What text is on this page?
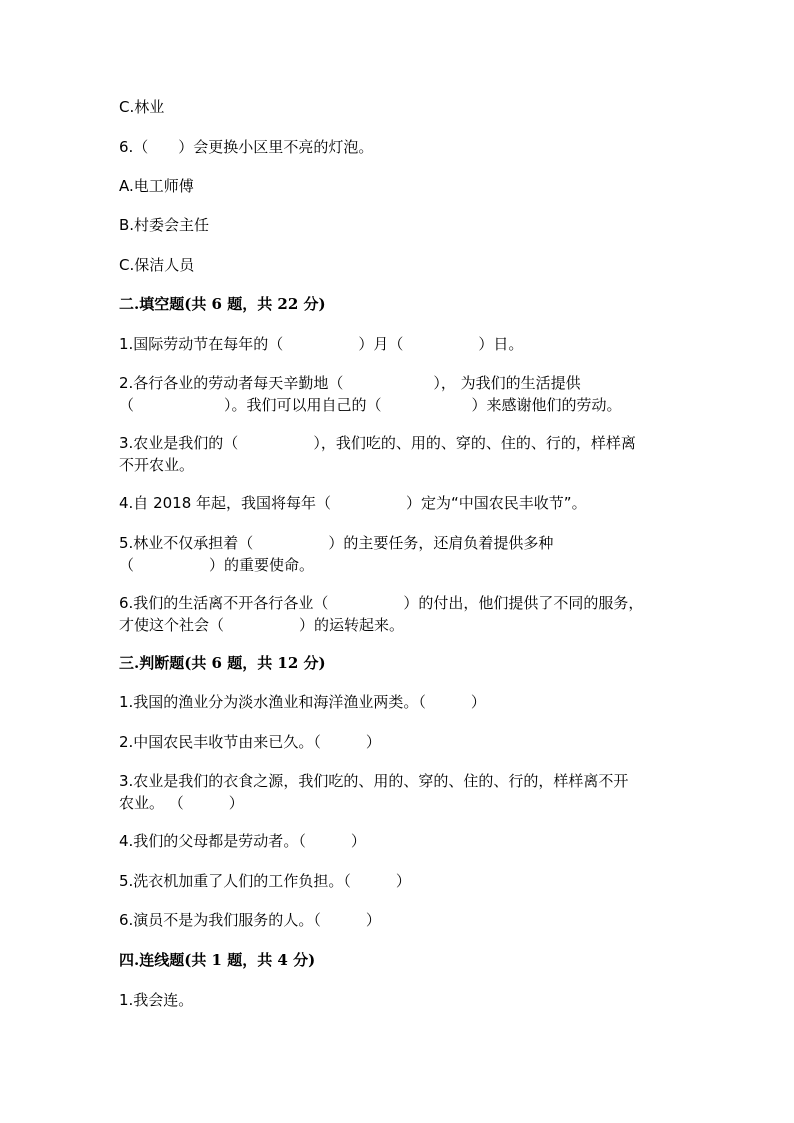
C.林业

6.（　　）会更换小区里不亮的灯泡。

A.电工师傅

B.村委会主任

C.保洁人员

二.填空题(共 6 题，共 22 分)

1.国际劳动节在每年的（　　　　　）月（　　　　　）日。

2.各行各业的劳动者每天辛勤地（　　　　　　）， 为我们的生活提供

（　　　　　　）。我们可以用自己的（　　　　　　）来感谢他们的劳动。

3.农业是我们的（　　　　　），我们吃的、用的、穿的、住的、行的，样样离

不开农业。

4.自 2018 年起，我国将每年（　　　　　）定为“中国农民丰收节”。

5.林业不仅承担着（　　　　　）的主要任务，还肩负着提供多种

（　　　　　）的重要使命。

6.我们的生活离不开各行各业（　　　　　）的付出，他们提供了不同的服务，

才使这个社会（　　　　　）的运转起来。

三.判断题(共 6 题，共 12 分)

1.我国的渔业分为淡水渔业和海洋渔业两类。（　　　）

2.中国农民丰收节由来已久。（　　　）

3.农业是我们的衣食之源，我们吃的、用的、穿的、住的、行的，样样离不开

农业。 （　　　）

4.我们的父母都是劳动者。（　　　）

5.洗衣机加重了人们的工作负担。（　　　）

6.演员不是为我们服务的人。（　　　）

四.连线题(共 1 题，共 4 分)

1.我会连。
